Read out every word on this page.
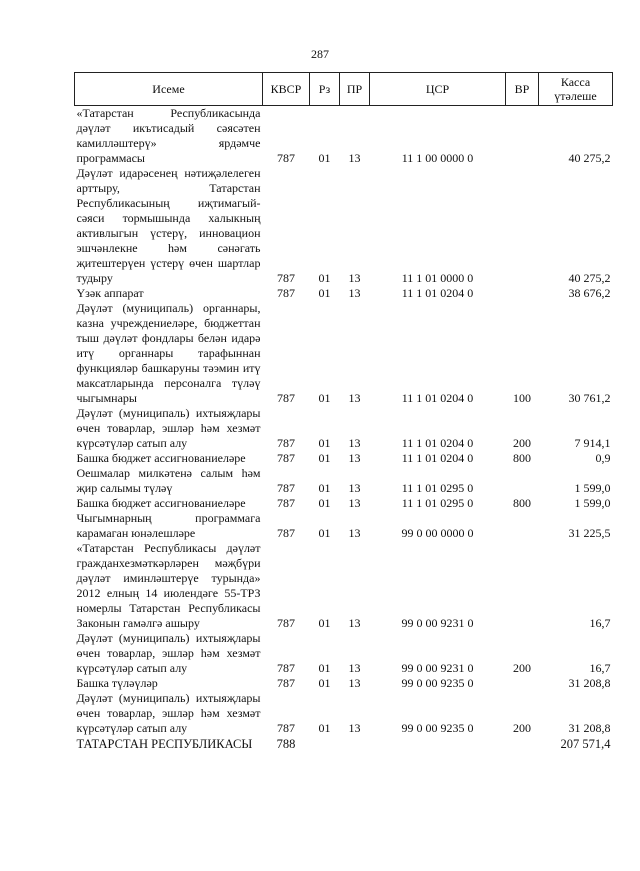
287
Исеме	КВСР	Рз	ПР	ЦСР	ВР	Касса үтәлеше
«Татарстан Республикасында дәүләт икътисадый сәясәтен камилләштерү» ярдәмче программасы	787	01	13	11 1 00 0000 0		40 275,2
Дәүләт идарәсенең нәтиҗәлелеген арттыру, Татарстан Республикасының иҗтимагый-сәяси тормышында халыкның активлыгын үстерү, инновацион эшчәнлекне һәм сәнәгать җитештерүен үстерү өчен шартлар тудыру	787	01	13	11 1 01 0000 0		40 275,2
Үзәк аппарат	787	01	13	11 1 01 0204 0		38 676,2
Дәүләт (муниципаль) органнары, казна учреждениеләре, бюджеттан тыш дәүләт фондлары белән идарә итү органнары тарафыннан функцияләр башкаруны тәэмин итү максатларында персоналга түләү чыгымнары	787	01	13	11 1 01 0204 0	100	30 761,2
Дәүләт (муниципаль) ихтыяҗлары өчен товарлар, эшләр һәм хезмәт күрсәтүләр сатып алу	787	01	13	11 1 01 0204 0	200	7 914,1
Башка бюджет ассигнованиеләре	787	01	13	11 1 01 0204 0	800	0,9
Оешмалар милкәтенә салым һәм җир салымы түләү	787	01	13	11 1 01 0295 0		1 599,0
Башка бюджет ассигнованиеләре	787	01	13	11 1 01 0295 0	800	1 599,0
Чыгымнарның программага карамаган юнәлешләре	787	01	13	99 0 00 0000 0		31 225,5
«Татарстан Республикасы дәүләт гражданхезмәткәрләрен мәҗбүри дәүләт иминләштерүе турында» 2012 елның 14 июлендәге 55-ТРЗ номерлы Татарстан Республикасы Законын гамәлгә ашыру	787	01	13	99 0 00 9231 0		16,7
Дәүләт (муниципаль) ихтыяҗлары өчен товарлар, эшләр һәм хезмәт күрсәтүләр сатып алу	787	01	13	99 0 00 9231 0	200	16,7
Башка түләүләр	787	01	13	99 0 00 9235 0		31 208,8
Дәүләт (муниципаль) ихтыяҗлары өчен товарлар, эшләр һәм хезмәт күрсәтүләр сатып алу	787	01	13	99 0 00 9235 0	200	31 208,8
ТАТАРСТАН РЕСПУБЛИКАСЫ	788					207 571,4
